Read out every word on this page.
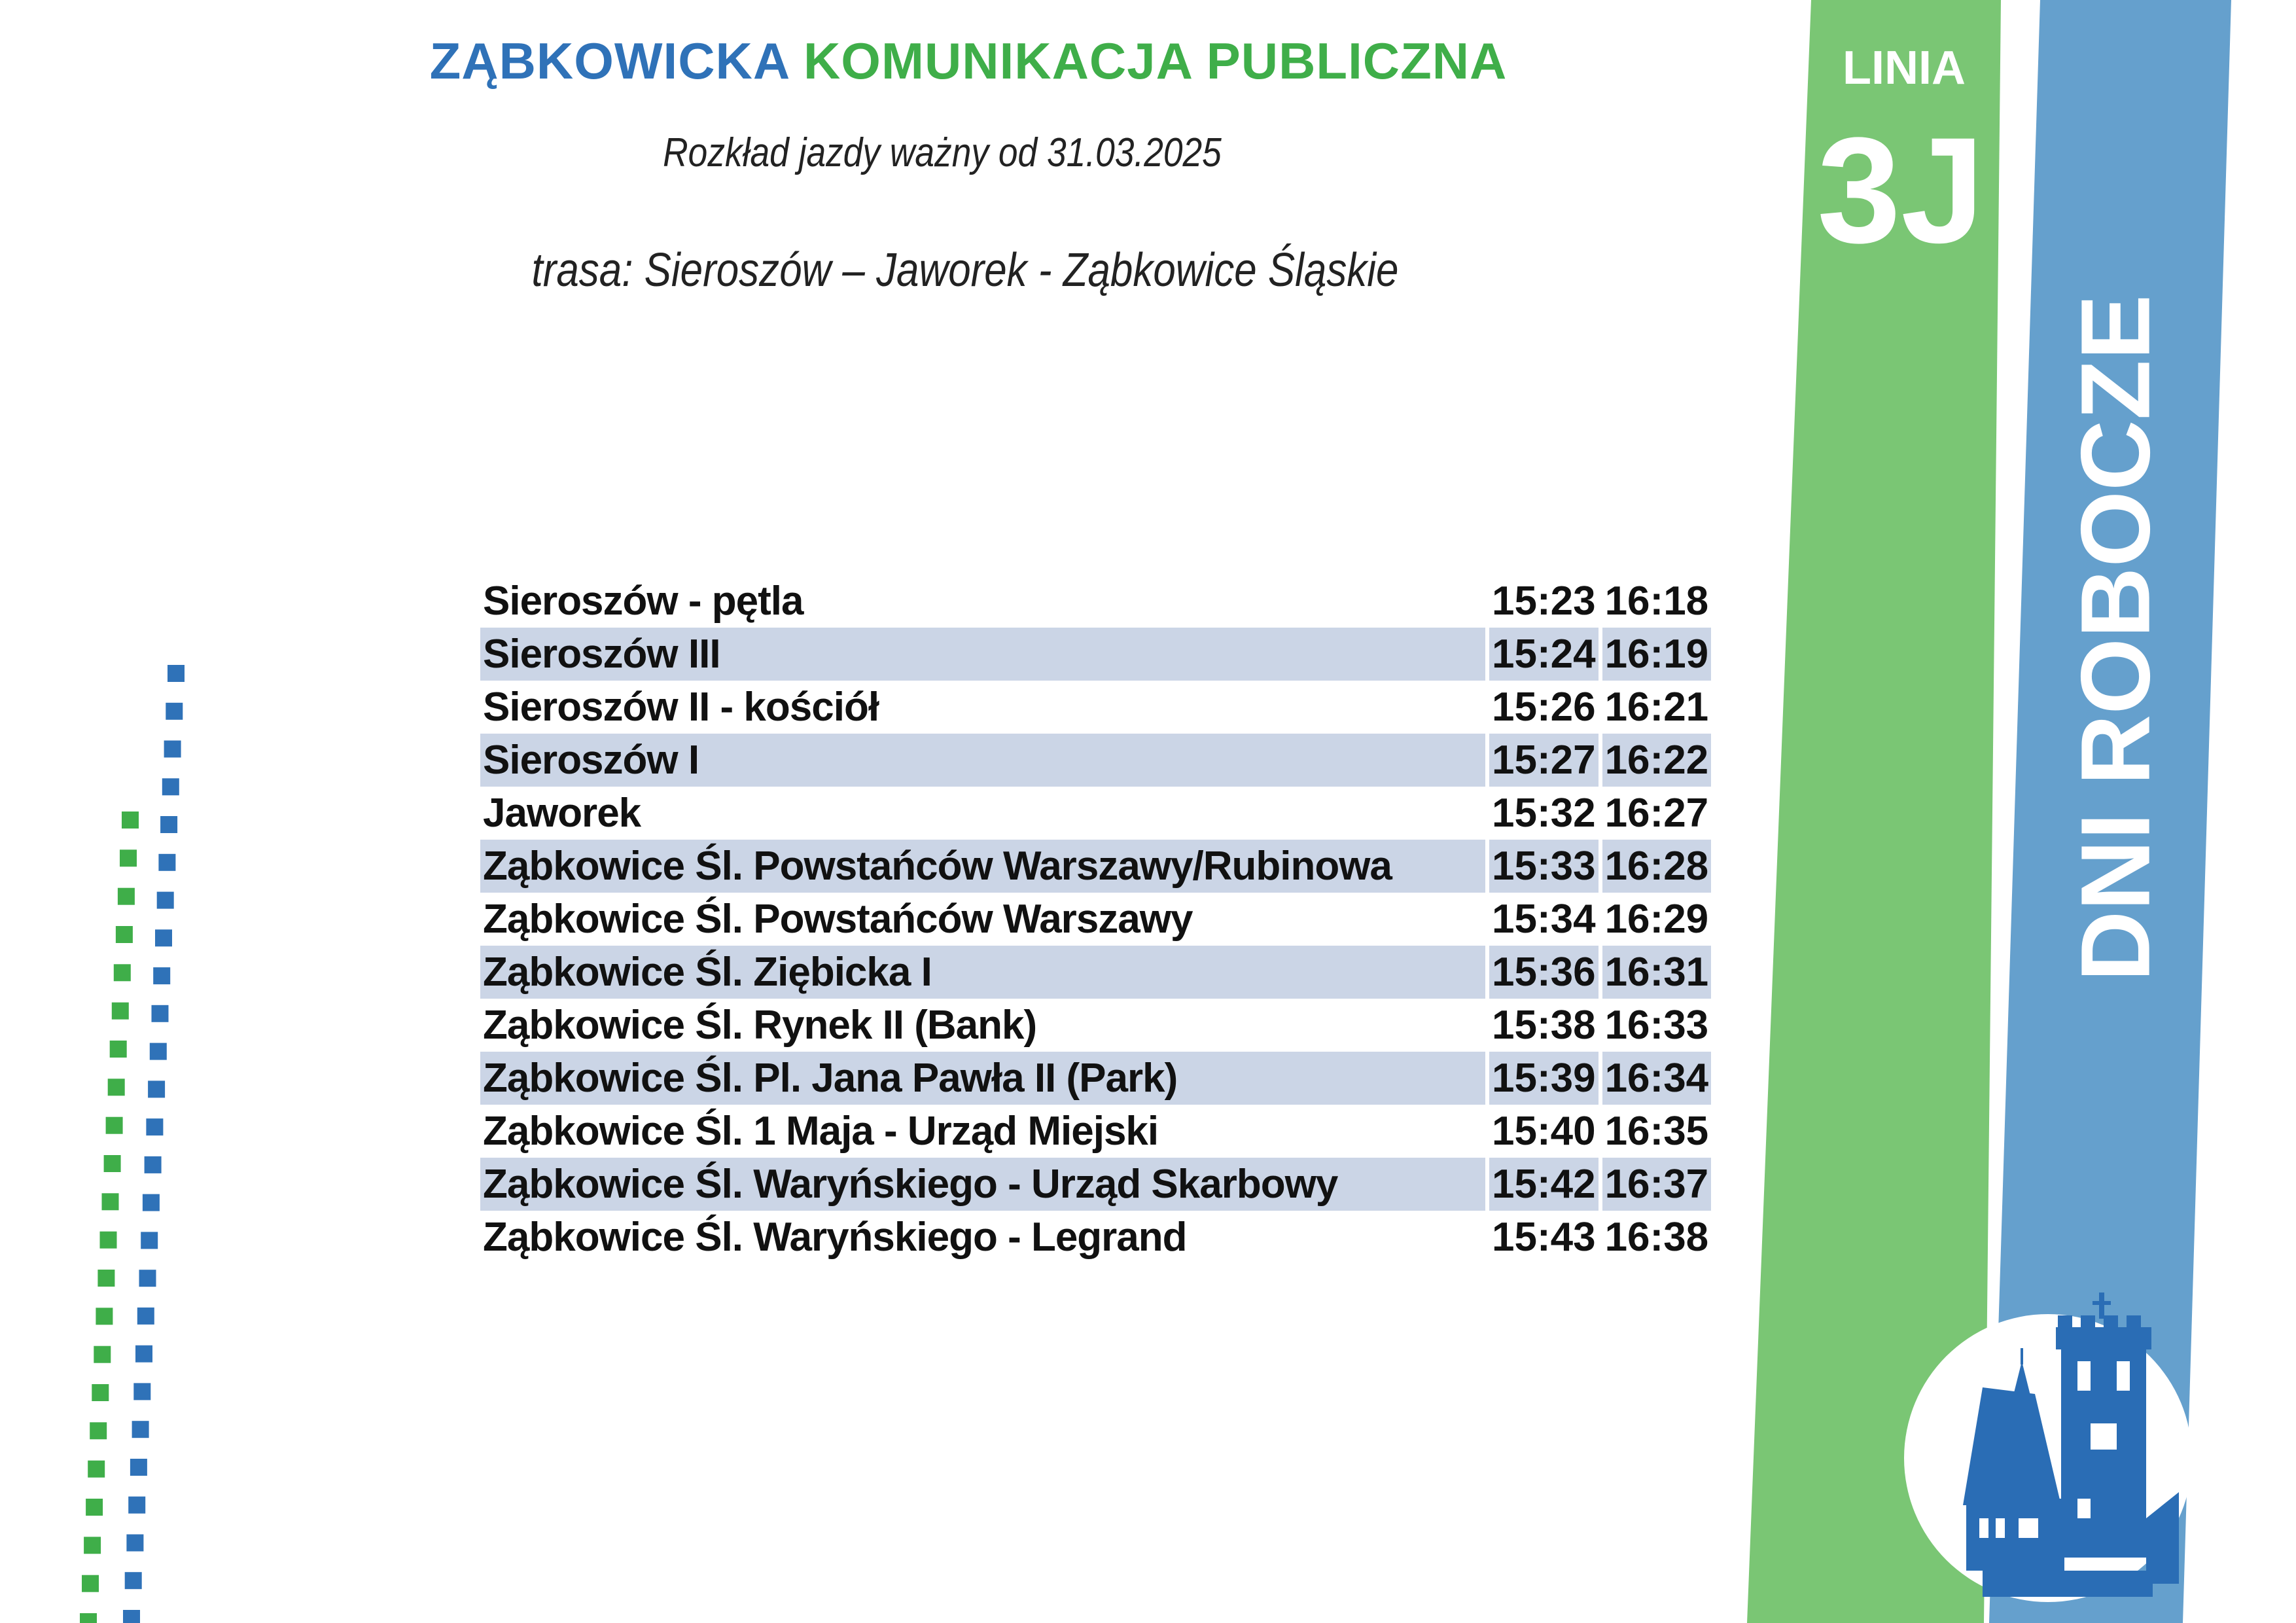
ZĄBKOWICKA KOMUNIKACJA PUBLICZNA
Rozkład jazdy ważny od 31.03.2025
trasa: Sieroszów – Jaworek - Ząbkowice Śląskie
Sieroszów - pętla	15:23	16:18
Sieroszów III	15:24	16:19
Sieroszów II - kościół	15:26	16:21
Sieroszów I	15:27	16:22
Jaworek	15:32	16:27
Ząbkowice Śl. Powstańców Warszawy/Rubinowa	15:33	16:28
Ząbkowice Śl. Powstańców Warszawy	15:34	16:29
Ząbkowice Śl. Ziębicka I	15:36	16:31
Ząbkowice Śl. Rynek II (Bank)	15:38	16:33
Ząbkowice Śl. Pl. Jana Pawła II (Park)	15:39	16:34
Ząbkowice Śl. 1 Maja - Urząd Miejski	15:40	16:35
Ząbkowice Śl. Waryńskiego - Urząd Skarbowy	15:42	16:37
Ząbkowice Śl. Waryńskiego - Legrand	15:43	16:38
LINIA
3J
DNI ROBOCZE
